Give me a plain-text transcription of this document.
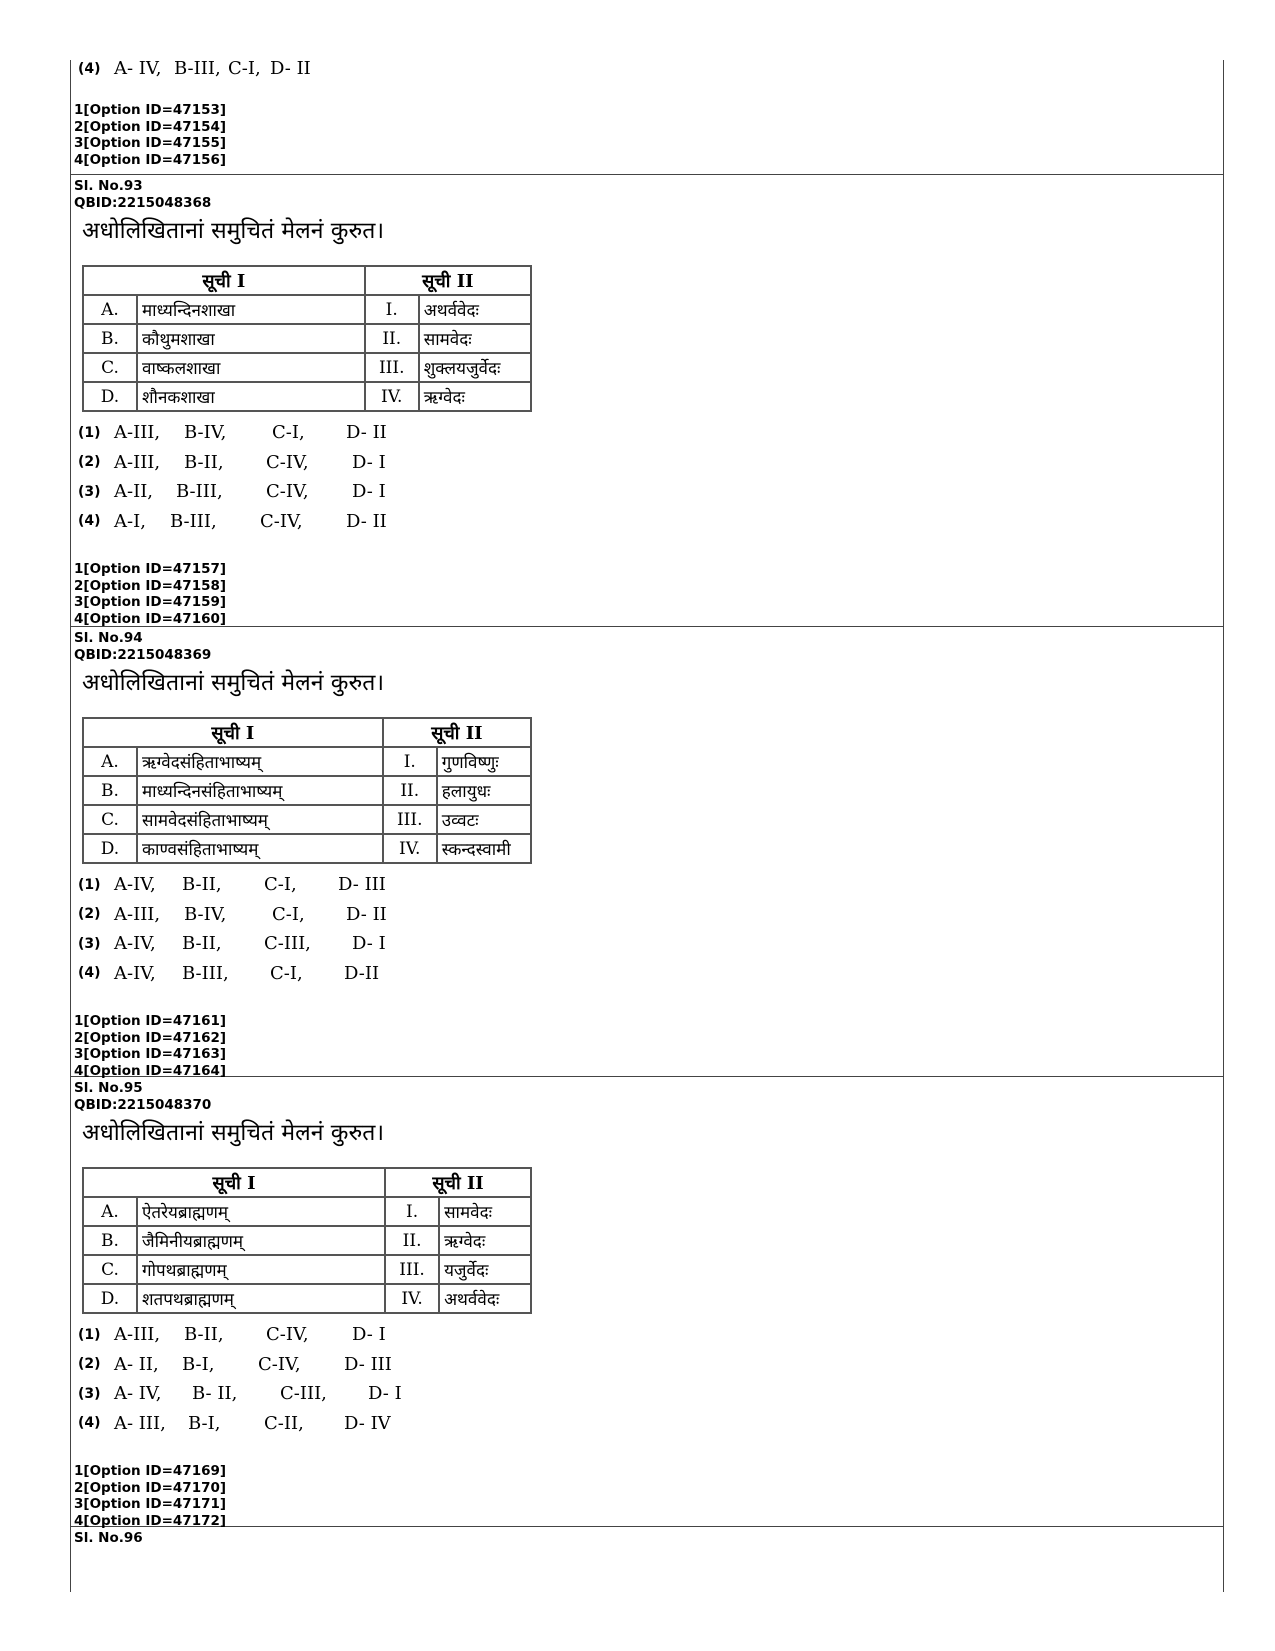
(4) A- IV, B-III, C-I, D- II
1[Option ID=47153]
2[Option ID=47154]
3[Option ID=47155]
4[Option ID=47156]
Sl. No.93
QBID:2215048368
अधोलिखितानां समुचितं मेलनं कुरुत।
सूची I		सूची II	
A.	माध्यन्दिनशाखा	I.	अथर्ववेदः
B.	कौथुमशाखा	II.	सामवेदः
C.	वाष्कलशाखा	III.	शुक्लयजुर्वेदः
D.	शौनकशाखा	IV.	ऋग्वेदः
(1) A-III,	B-IV,	C-I,	D- II
(2) A-III,	B-II,	C-IV,	D- I
(3) A-II,	B-III,	C-IV,	D- I
(4) A-I,	B-III,	C-IV,	D- II
1[Option ID=47157]
2[Option ID=47158]
3[Option ID=47159]
4[Option ID=47160]
Sl. No.94
QBID:2215048369
अधोलिखितानां समुचितं मेलनं कुरुत।
सूची I		सूची II	
A.	ऋग्वेदसंहिताभाष्यम्	I.	गुणविष्णुः
B.	माध्यन्दिनसंहिताभाष्यम्	II.	हलायुधः
C.	सामवेदसंहिताभाष्यम्	III.	उव्वटः
D.	काण्वसंहिताभाष्यम्	IV.	स्कन्दस्वामी
(1) A-IV,	B-II,	C-I,	D- III
(2) A-III,	B-IV,	C-I,	D- II
(3) A-IV,	B-II,	C-III,	D- I
(4) A-IV,	B-III,	C-I,	D-II
1[Option ID=47161]
2[Option ID=47162]
3[Option ID=47163]
4[Option ID=47164]
Sl. No.95
QBID:2215048370
अधोलिखितानां समुचितं मेलनं कुरुत।
सूची I		सूची II	
A.	ऐतरेयब्राह्मणम्	I.	सामवेदः
B.	जैमिनीयब्राह्मणम्	II.	ऋग्वेदः
C.	गोपथब्राह्मणम्	III.	यजुर्वेदः
D.	शतपथब्राह्मणम्	IV.	अथर्ववेदः
(1) A-III,	B-II,	C-IV,	D- I
(2) A- II,	B-I,	C-IV,	D- III
(3) A- IV,	B- II,	C-III,	D- I
(4) A- III,	B-I,	C-II,	D- IV
1[Option ID=47169]
2[Option ID=47170]
3[Option ID=47171]
4[Option ID=47172]
Sl. No.96
